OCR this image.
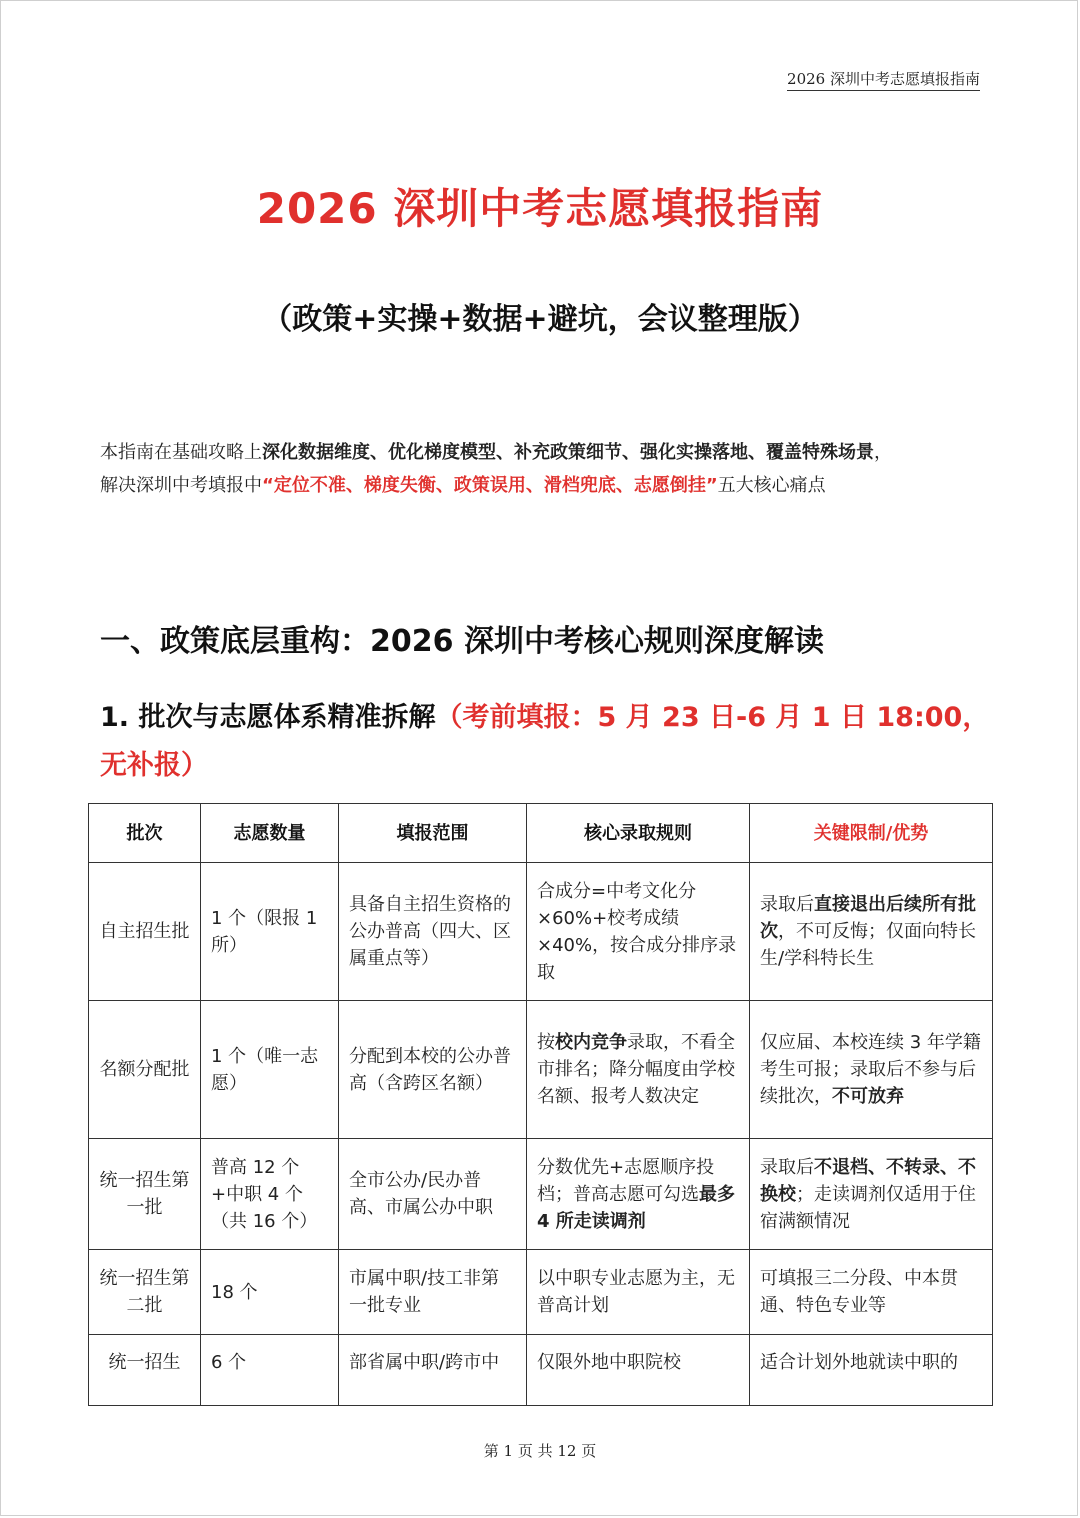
2026 深圳中考志愿填报指南
2026 深圳中考志愿填报指南
（政策+实操+数据+避坑，会议整理版）
本指南在基础攻略上深化数据维度、优化梯度模型、补充政策细节、强化实操落地、覆盖特殊场景，
解决深圳中考填报中“定位不准、梯度失衡、政策误用、滑档兜底、志愿倒挂”五大核心痛点
一、政策底层重构：2026 深圳中考核心规则深度解读
1. 批次与志愿体系精准拆解（考前填报：5 月 23 日-6 月 1 日 18:00，无补报）
批次	志愿数量	填报范围	核心录取规则	关键限制/优势
自主招生批	1 个（限报 1 所）	具备自主招生资格的公办普高（四大、区属重点等）	合成分=中考文化分×60%+校考成绩×40%，按合成分排序录取	录取后直接退出后续所有批次，不可反悔；仅面向特长生/学科特长生
名额分配批	1 个（唯一志愿）	分配到本校的公办普高（含跨区名额）	按校内竞争录取，不看全市排名；降分幅度由学校名额、报考人数决定	仅应届、本校连续 3 年学籍考生可报；录取后不参与后续批次，不可放弃
统一招生第一批	普高 12 个+中职 4 个（共 16 个）	全市公办/民办普高、市属公办中职	分数优先+志愿顺序投档；普高志愿可勾选最多 4 所走读调剂	录取后不退档、不转录、不换校；走读调剂仅适用于住宿满额情况
统一招生第二批	18 个	市属中职/技工非第一批专业	以中职专业志愿为主，无普高计划	可填报三二分段、中本贯通、特色专业等
统一招生	6 个	部省属中职/跨市中	仅限外地中职院校	适合计划外地就读中职的
第 1 页 共 12 页
